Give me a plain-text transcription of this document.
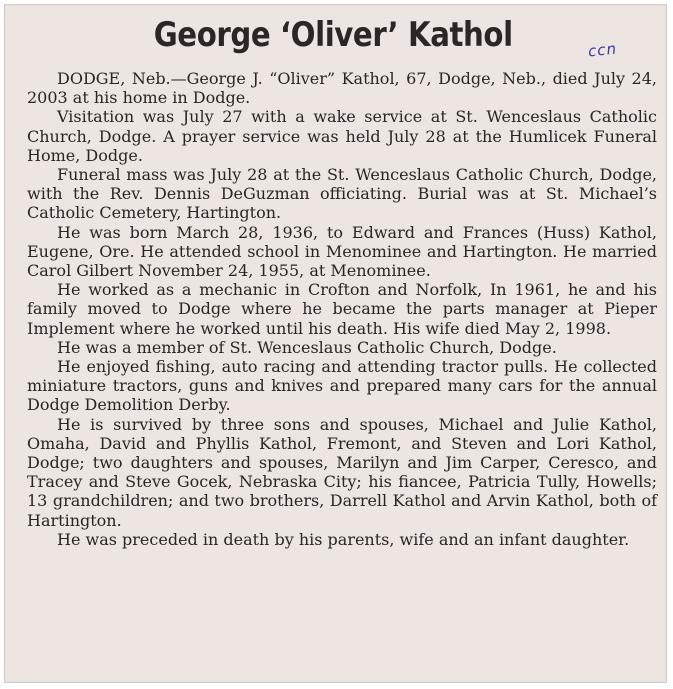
George ‘Oliver’ Kathol	ccn

DODGE, Neb.—George J. “Oliver” Kathol, 67, Dodge, Neb., died July 24, 2003 at his home in Dodge.

Visitation was July 27 with a wake service at St. Wenceslaus Catholic Church, Dodge. A prayer service was held July 28 at the Humlicek Funeral Home, Dodge.

Funeral mass was July 28 at the St. Wenceslaus Catholic Church, Dodge, with the Rev. Dennis DeGuzman officiating. Burial was at St. Michael’s Catholic Cemetery, Hartington.

He was born March 28, 1936, to Edward and Frances (Huss) Kathol, Eugene, Ore. He attended school in Menominee and Hartington. He married Carol Gilbert November 24, 1955, at Menominee.

He worked as a mechanic in Crofton and Norfolk, In 1961, he and his family moved to Dodge where he became the parts manager at Pieper Implement where he worked until his death. His wife died May 2, 1998.

He was a member of St. Wenceslaus Catholic Church, Dodge.

He enjoyed fishing, auto racing and attending tractor pulls. He collected miniature tractors, guns and knives and prepared many cars for the annual Dodge Demolition Derby.

He is survived by three sons and spouses, Michael and Julie Kathol, Omaha, David and Phyllis Kathol, Fremont, and Steven and Lori Kathol, Dodge; two daughters and spouses, Marilyn and Jim Carper, Ceresco, and Tracey and Steve Gocek, Nebraska City; his fiancee, Patricia Tully, Howells; 13 grandchildren; and two brothers, Darrell Kathol and Arvin Kathol, both of Hartington.

He was preceded in death by his parents, wife and an infant daughter.
